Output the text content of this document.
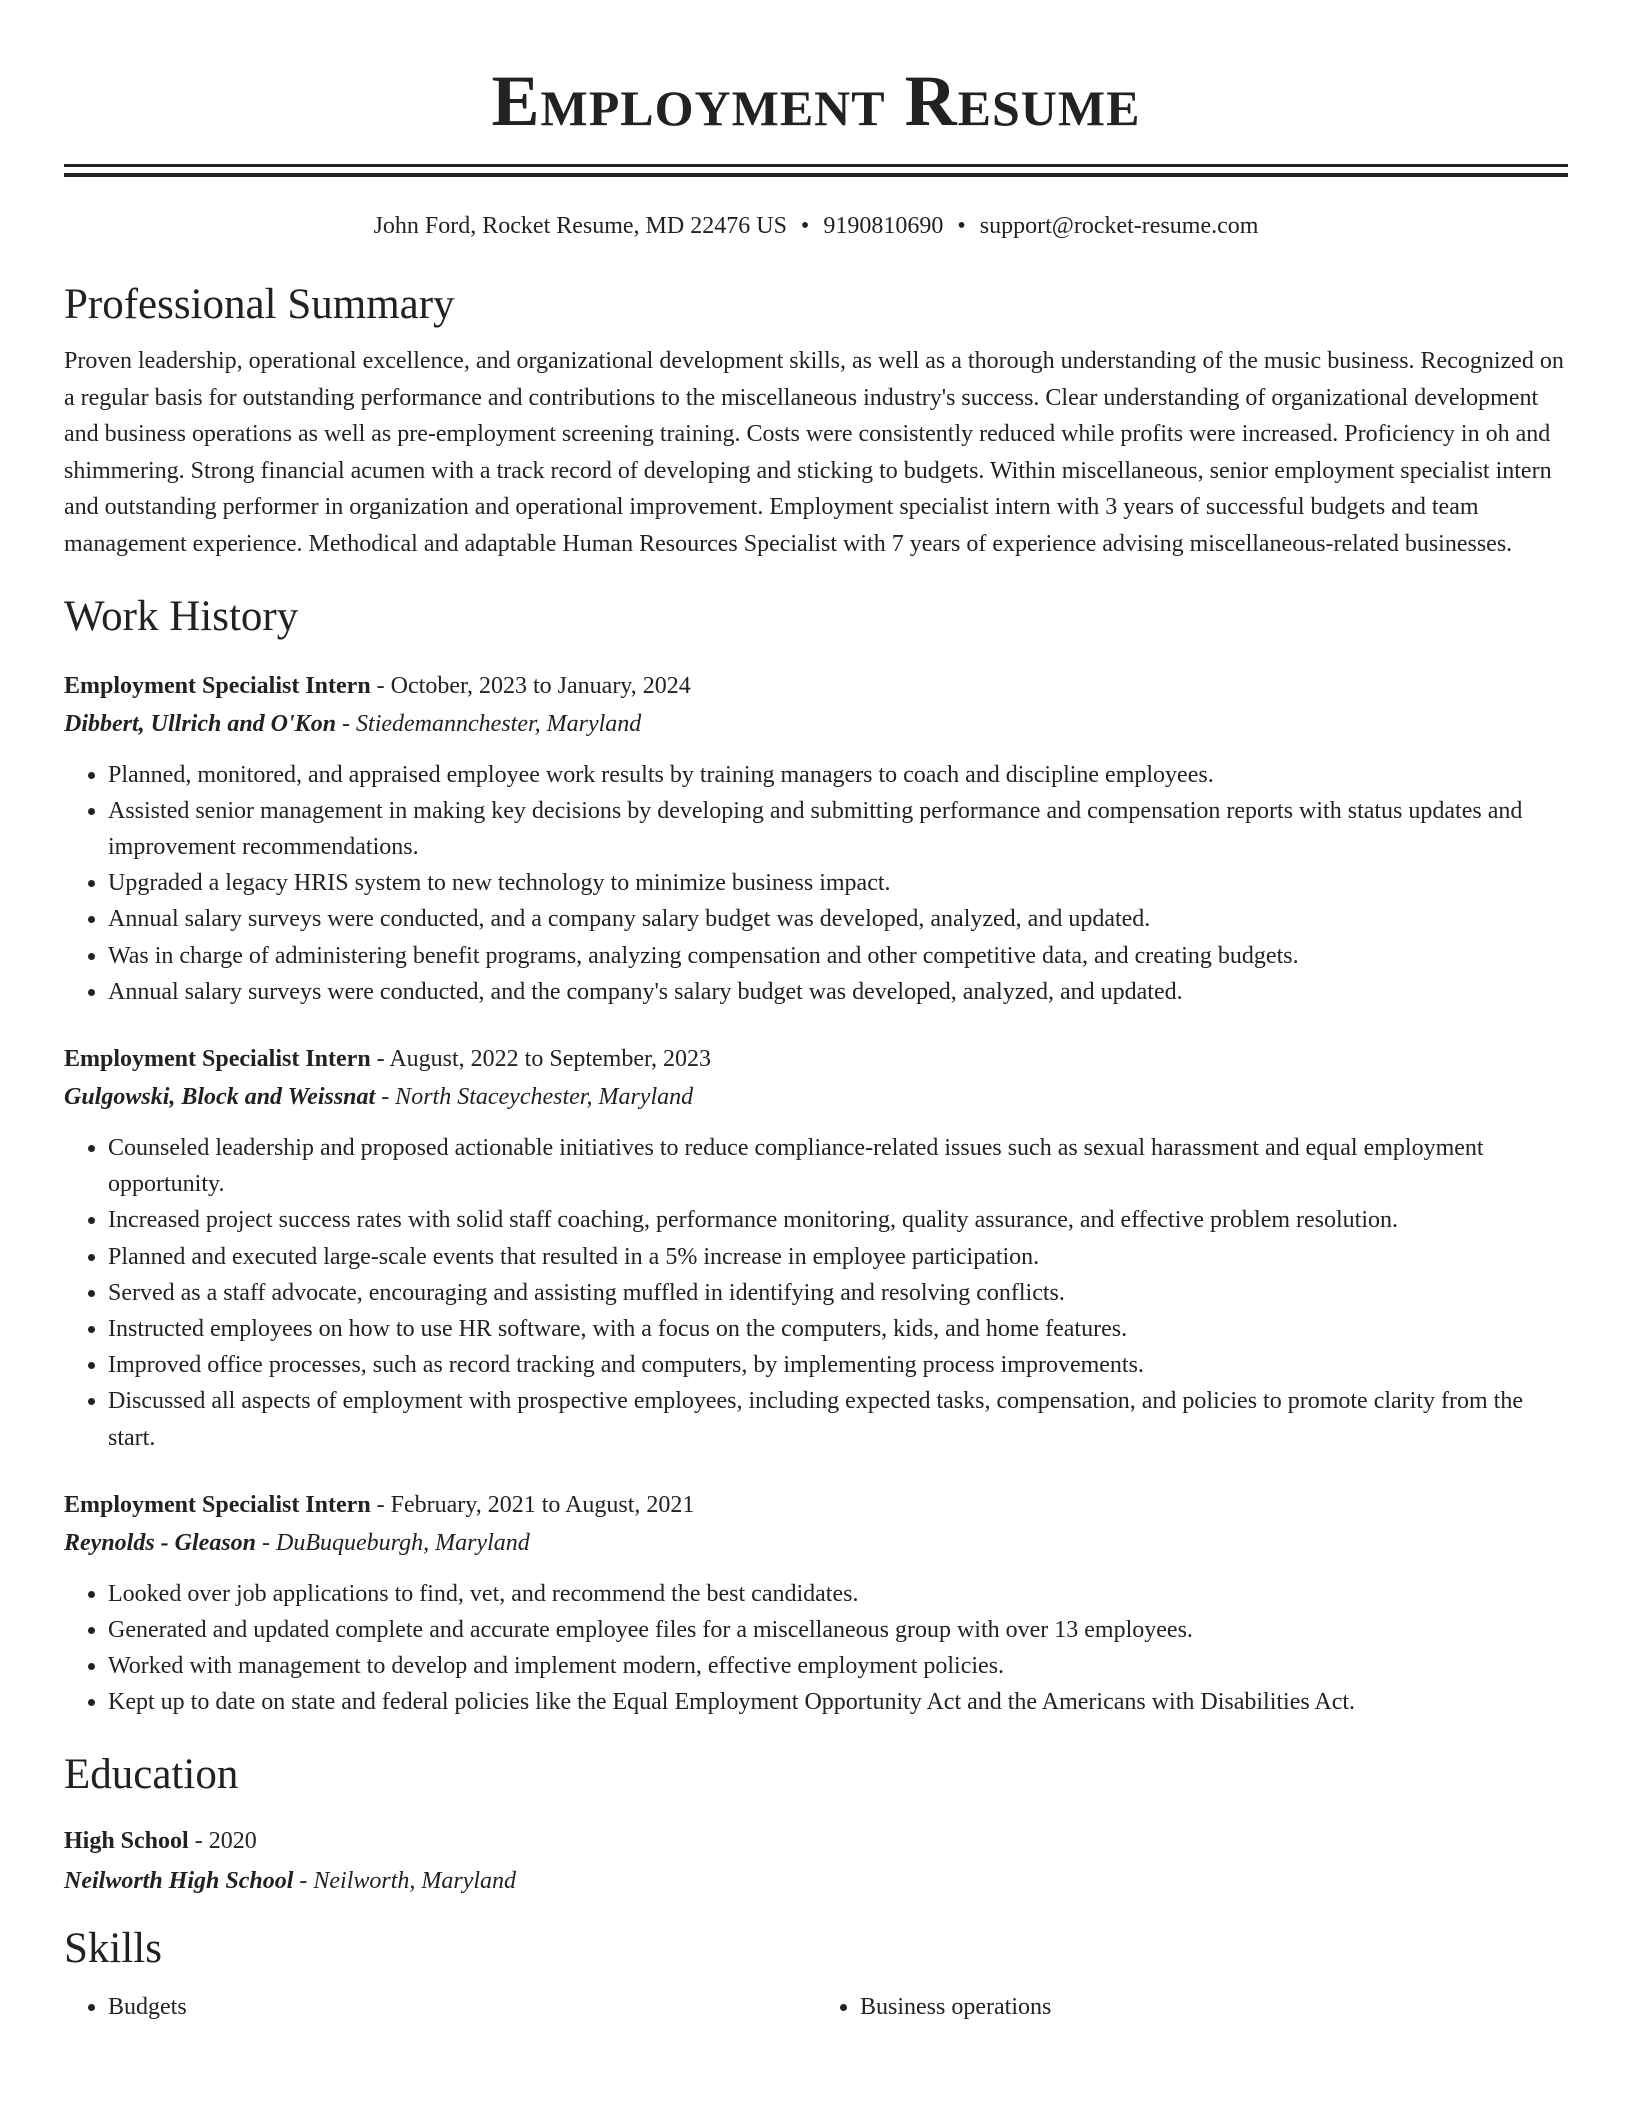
Employment Resume
John Ford, Rocket Resume, MD 22476 US • 9190810690 • support@rocket-resume.com
Professional Summary
Proven leadership, operational excellence, and organizational development skills, as well as a thorough understanding of the music business. Recognized on a regular basis for outstanding performance and contributions to the miscellaneous industry's success. Clear understanding of organizational development and business operations as well as pre-employment screening training. Costs were consistently reduced while profits were increased. Proficiency in oh and shimmering. Strong financial acumen with a track record of developing and sticking to budgets. Within miscellaneous, senior employment specialist intern and outstanding performer in organization and operational improvement. Employment specialist intern with 3 years of successful budgets and team management experience. Methodical and adaptable Human Resources Specialist with 7 years of experience advising miscellaneous-related businesses.
Work History
Employment Specialist Intern - October, 2023 to January, 2024
Dibbert, Ullrich and O'Kon - Stiedemannchester, Maryland
• Planned, monitored, and appraised employee work results by training managers to coach and discipline employees.
• Assisted senior management in making key decisions by developing and submitting performance and compensation reports with status updates and improvement recommendations.
• Upgraded a legacy HRIS system to new technology to minimize business impact.
• Annual salary surveys were conducted, and a company salary budget was developed, analyzed, and updated.
• Was in charge of administering benefit programs, analyzing compensation and other competitive data, and creating budgets.
• Annual salary surveys were conducted, and the company's salary budget was developed, analyzed, and updated.
Employment Specialist Intern - August, 2022 to September, 2023
Gulgowski, Block and Weissnat - North Staceychester, Maryland
• Counseled leadership and proposed actionable initiatives to reduce compliance-related issues such as sexual harassment and equal employment opportunity.
• Increased project success rates with solid staff coaching, performance monitoring, quality assurance, and effective problem resolution.
• Planned and executed large-scale events that resulted in a 5% increase in employee participation.
• Served as a staff advocate, encouraging and assisting muffled in identifying and resolving conflicts.
• Instructed employees on how to use HR software, with a focus on the computers, kids, and home features.
• Improved office processes, such as record tracking and computers, by implementing process improvements.
• Discussed all aspects of employment with prospective employees, including expected tasks, compensation, and policies to promote clarity from the start.
Employment Specialist Intern - February, 2021 to August, 2021
Reynolds - Gleason - DuBuqueburgh, Maryland
• Looked over job applications to find, vet, and recommend the best candidates.
• Generated and updated complete and accurate employee files for a miscellaneous group with over 13 employees.
• Worked with management to develop and implement modern, effective employment policies.
• Kept up to date on state and federal policies like the Equal Employment Opportunity Act and the Americans with Disabilities Act.
Education
High School - 2020
Neilworth High School - Neilworth, Maryland
Skills
• Budgets
•	Business operations
